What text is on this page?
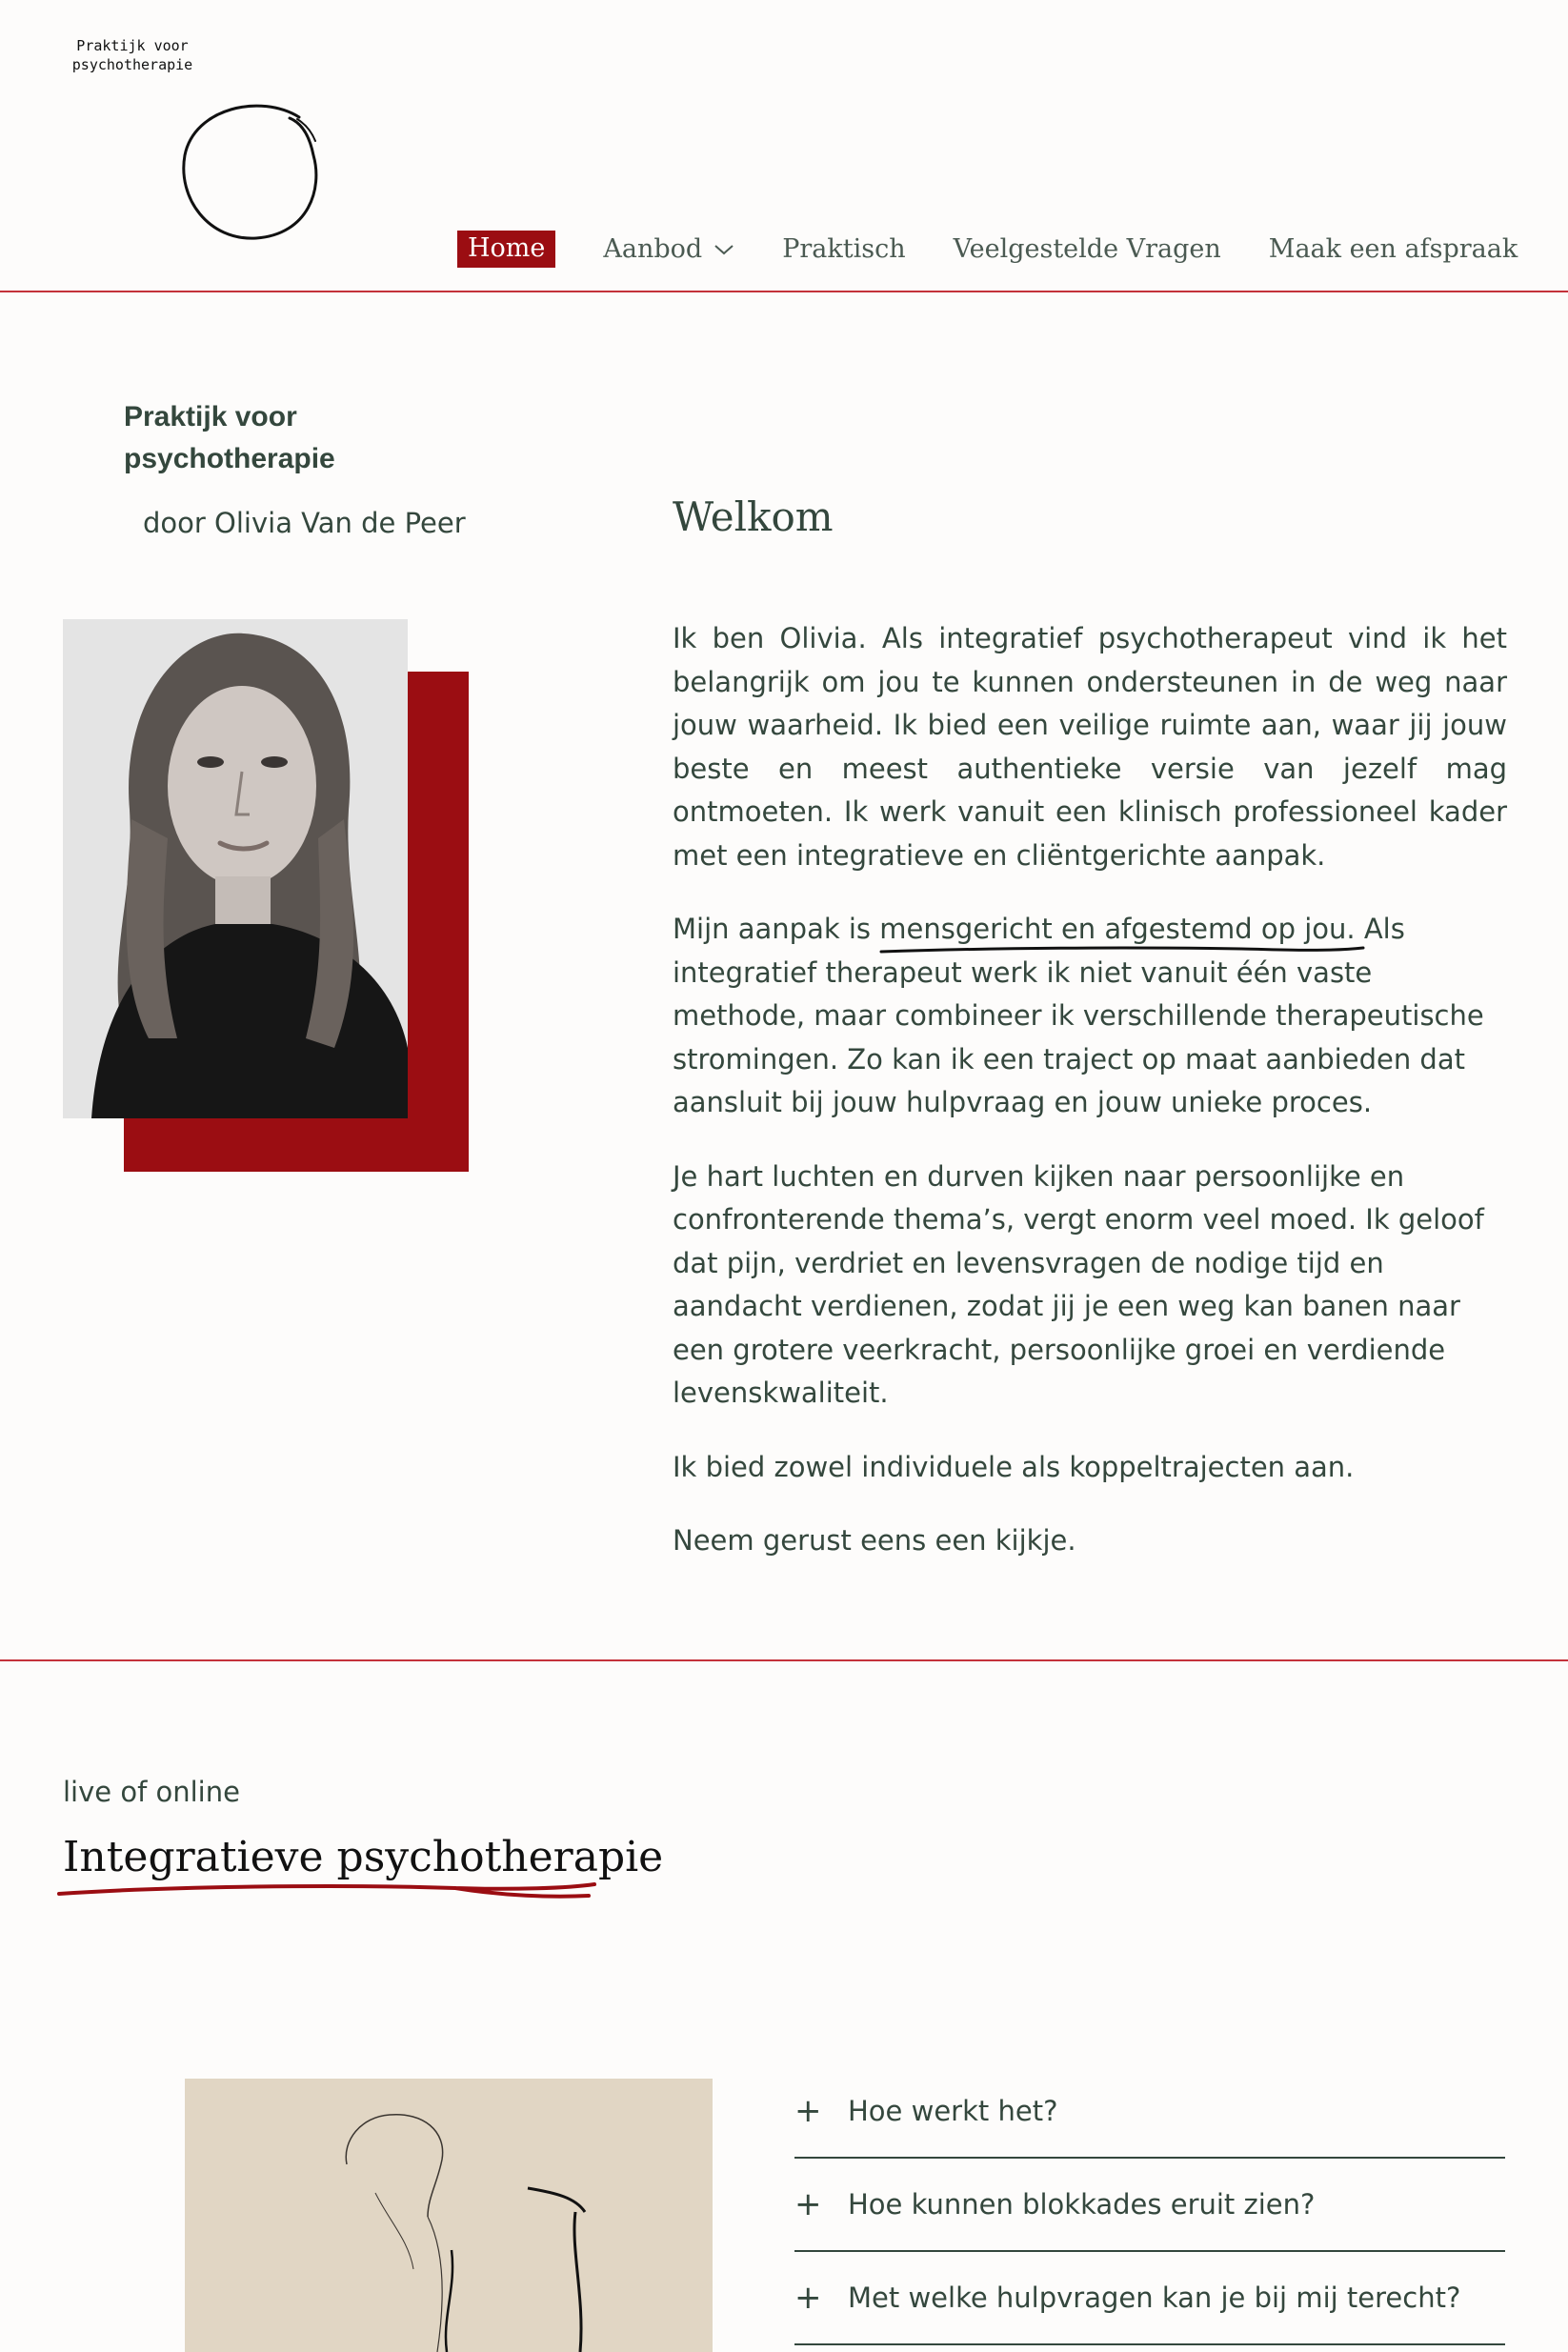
Praktijk voor
psychotherapie
Home Aanbod	Praktisch Veelgestelde Vragen Maak een afspraak
Praktijk voor psychotherapie
door Olivia Van de Peer	Welkom

Ik ben Olivia. Als integratief psychotherapeut vind ik het belangrijk om jou te kunnen ondersteunen in de weg naar jouw waarheid. Ik bied een veilige ruimte aan, waar jij jouw beste en meest authentieke versie van jezelf mag ontmoeten. Ik werk vanuit een klinisch professioneel kader met een integratieve en cliëntgerichte aanpak.

Mijn aanpak is mensgericht en afgestemd op jou. Als integratief therapeut werk ik niet vanuit één vaste methode, maar combineer ik verschillende therapeutische stromingen. Zo kan ik een traject op maat aanbieden dat aansluit bij jouw hulpvraag en jouw unieke proces.

Je hart luchten en durven kijken naar persoonlijke en confronterende thema’s, vergt enorm veel moed. Ik geloof dat pijn, verdriet en levensvragen de nodige tijd en aandacht verdienen, zodat jij je een weg kan banen naar een grotere veerkracht, persoonlijke groei en verdiende levenskwaliteit.

Ik bied zowel individuele als koppeltrajecten aan.

Neem gerust eens een kijkje.

live of online
Integratieve psychotherapie
+ Hoe werkt het?
+ Hoe kunnen blokkades eruit zien?
+ Met welke hulpvragen kan je bij mij terecht?
